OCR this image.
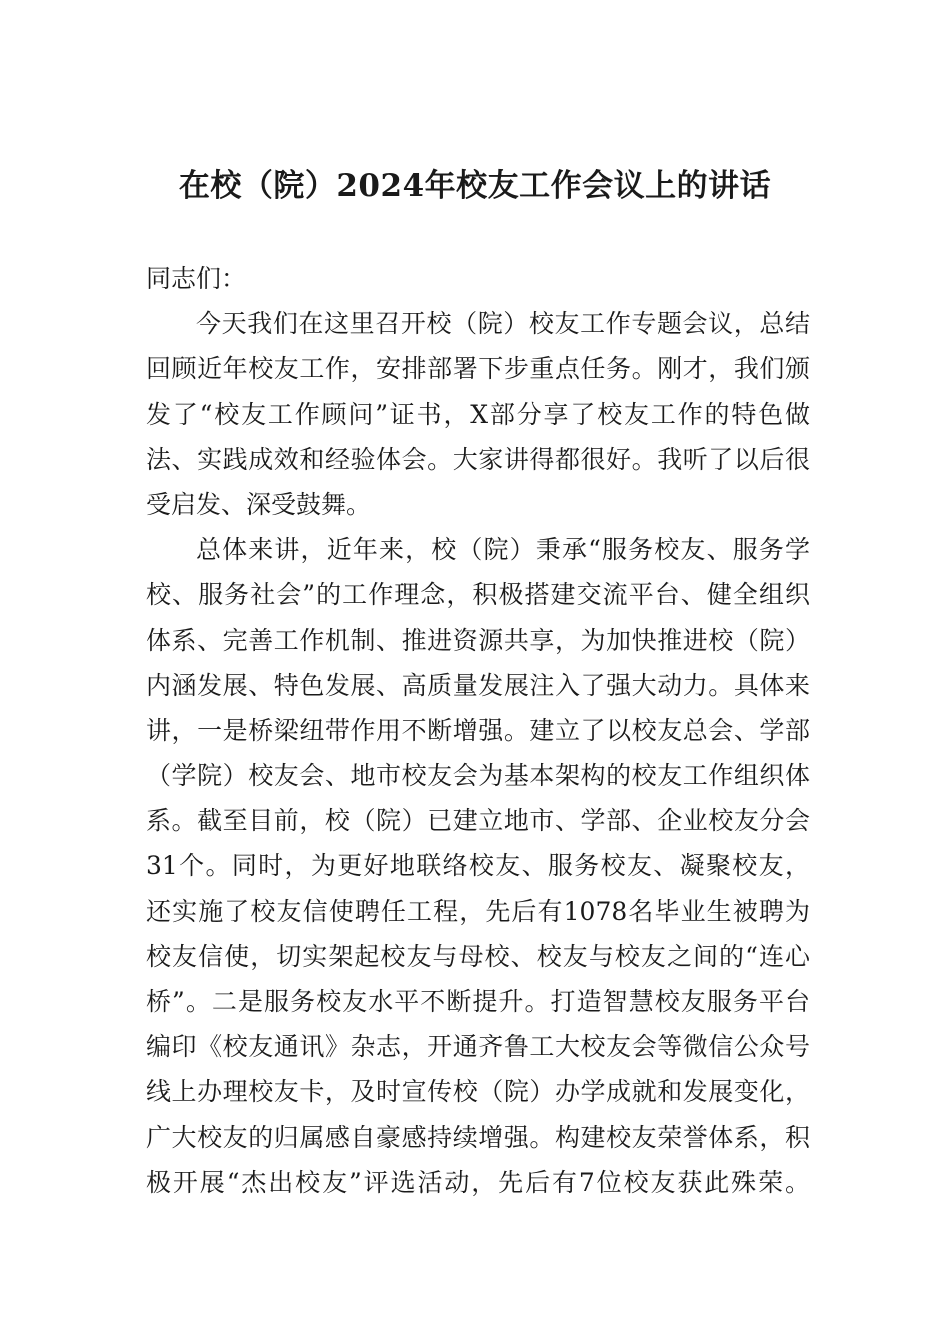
在校（院）2024年校友工作会议上的讲话
同志们：
今天我们在这里召开校（院）校友工作专题会议，总结
回顾近年校友工作，安排部署下步重点任务。刚才，我们颁
发了“校友工作顾问”证书，X部分享了校友工作的特色做
法、实践成效和经验体会。大家讲得都很好。我听了以后很
受启发、深受鼓舞。
总体来讲，近年来，校（院）秉承“服务校友、服务学
校、服务社会”的工作理念，积极搭建交流平台、健全组织
体系、完善工作机制、推进资源共享，为加快推进校（院）
内涵发展、特色发展、高质量发展注入了强大动力。具体来
讲，一是桥梁纽带作用不断增强。建立了以校友总会、学部
（学院）校友会、地市校友会为基本架构的校友工作组织体
系。截至目前，校（院）已建立地市、学部、企业校友分会
31个。同时，为更好地联络校友、服务校友、凝聚校友，
还实施了校友信使聘任工程，先后有1078名毕业生被聘为
校友信使，切实架起校友与母校、校友与校友之间的“连心
桥”。二是服务校友水平不断提升。打造智慧校友服务平台
编印《校友通讯》杂志，开通齐鲁工大校友会等微信公众号
线上办理校友卡，及时宣传校（院）办学成就和发展变化，
广大校友的归属感自豪感持续增强。构建校友荣誉体系，积
极开展“杰出校友”评选活动，先后有7位校友获此殊荣。
